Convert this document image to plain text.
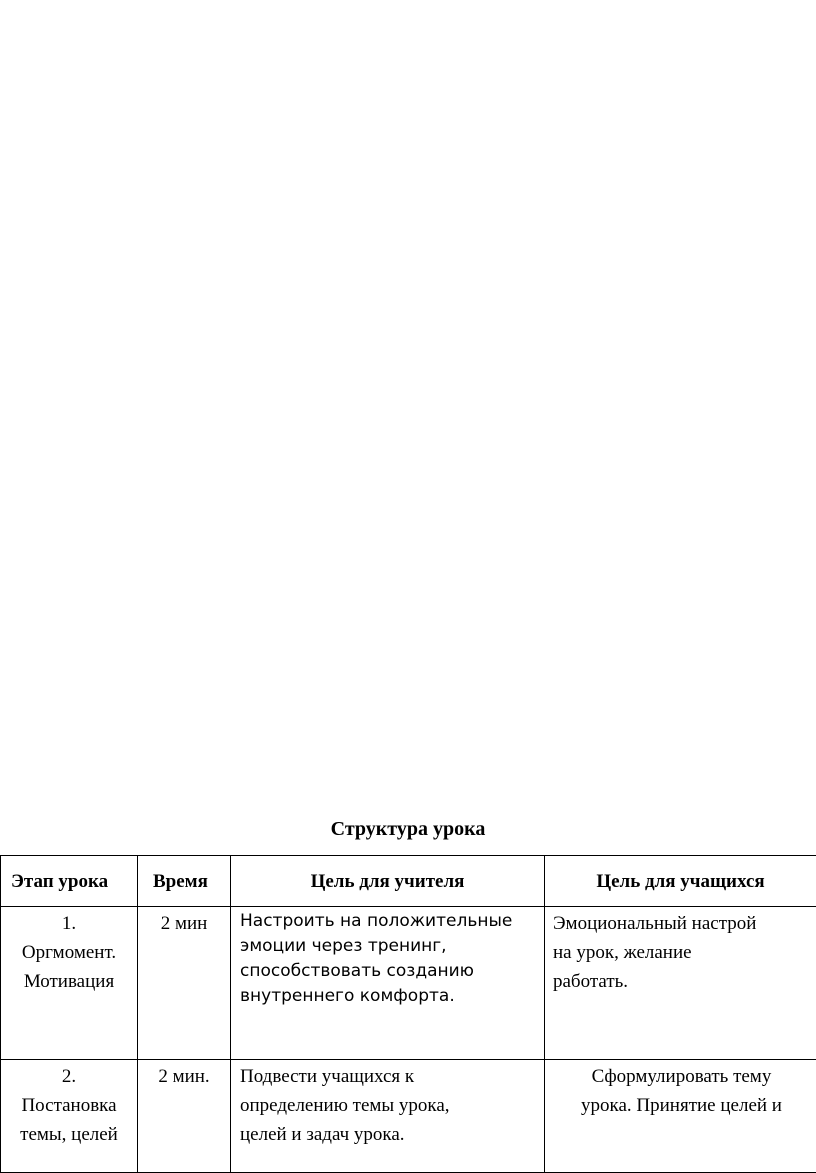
Структура урока
Этап урока	Время	Цель для учителя	Цель для учащихся

1.
Оргмомент.
Мотивация	2 мин	Настроить на положительные
эмоции через тренинг,
способствовать созданию
внутреннего комфорта.	Эмоциональный настрой
на урок, желание
работать.

2.
Постановка
темы, целей	2 мин.	Подвести учащихся к
определению темы урока,
целей и задач урока.	Сформулировать тему
урока. Принятие целей и
